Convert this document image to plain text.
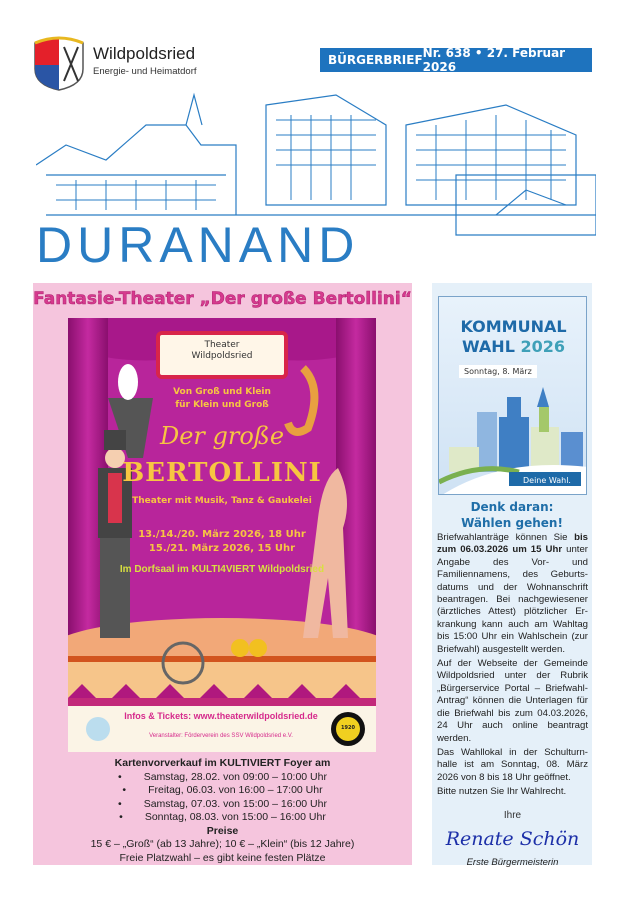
Wildpoldsried
Energie- und Heimatdorf
BÜRGERBRIEF Nr. 638 • 27. Februar 2026
DURANAND
Fantasie-Theater „Der große Bertollini“
Theater
Wildpoldsried
Von Groß und Klein
für Klein und Groß
Der große
BERTOLLINI
Theater mit Musik, Tanz & Gaukelei
13./14./20. März 2026, 18 Uhr
15./21. März 2026, 15 Uhr
Im Dorfsaal im KULTI4VIERT Wildpoldsried
Infos & Tickets: www.theaterwildpoldsried.de
Veranstalter: Förderverein des SSV Wildpoldsried e.V.
1920
Kartenvorverkauf im KULTIVIERT Foyer am
• Samstag, 28.02. von 09:00 – 10:00 Uhr
• Freitag, 06.03. von 16:00 – 17:00 Uhr
• Samstag, 07.03. von 15:00 – 16:00 Uhr
• Sonntag, 08.03. von 15:00 – 16:00 Uhr
Preise
15 € – „Groß“ (ab 13 Jahre); 10 € – „Klein“ (bis 12 Jahre)
Freie Platzwahl – es gibt keine festen Plätze
KOMMUNAL
WAHL 2026
Sonntag, 8. März
Deine Wahl.
Denk daran:
Wählen gehen!

Briefwahlanträge können Sie bis zum 06.03.2026 um 15 Uhr unter Angabe des Vor- und Familiennamens, des Geburtsdatums und der Wohnanschrift beantragen. Bei nachgewiesener (ärztliches Attest) plötzlicher Erkrankung kann auch am Wahltag bis 15:00 Uhr ein Wahlschein (zur Briefwahl) ausgestellt werden.

Auf der Webseite der Gemeinde Wildpoldsried unter der Rubrik „Bürgerservice Portal – Briefwahl-Antrag“ können die Unterlagen für die Briefwahl bis zum 04.03.2026, 24 Uhr auch online beantragt werden.

Das Wahllokal in der Schulturnhalle ist am Sonntag, 08. März 2026 von 8 bis 18 Uhr geöffnet.

Bitte nutzen Sie Ihr Wahlrecht.

Ihre
Renate Schön
Erste Bürgermeisterin
